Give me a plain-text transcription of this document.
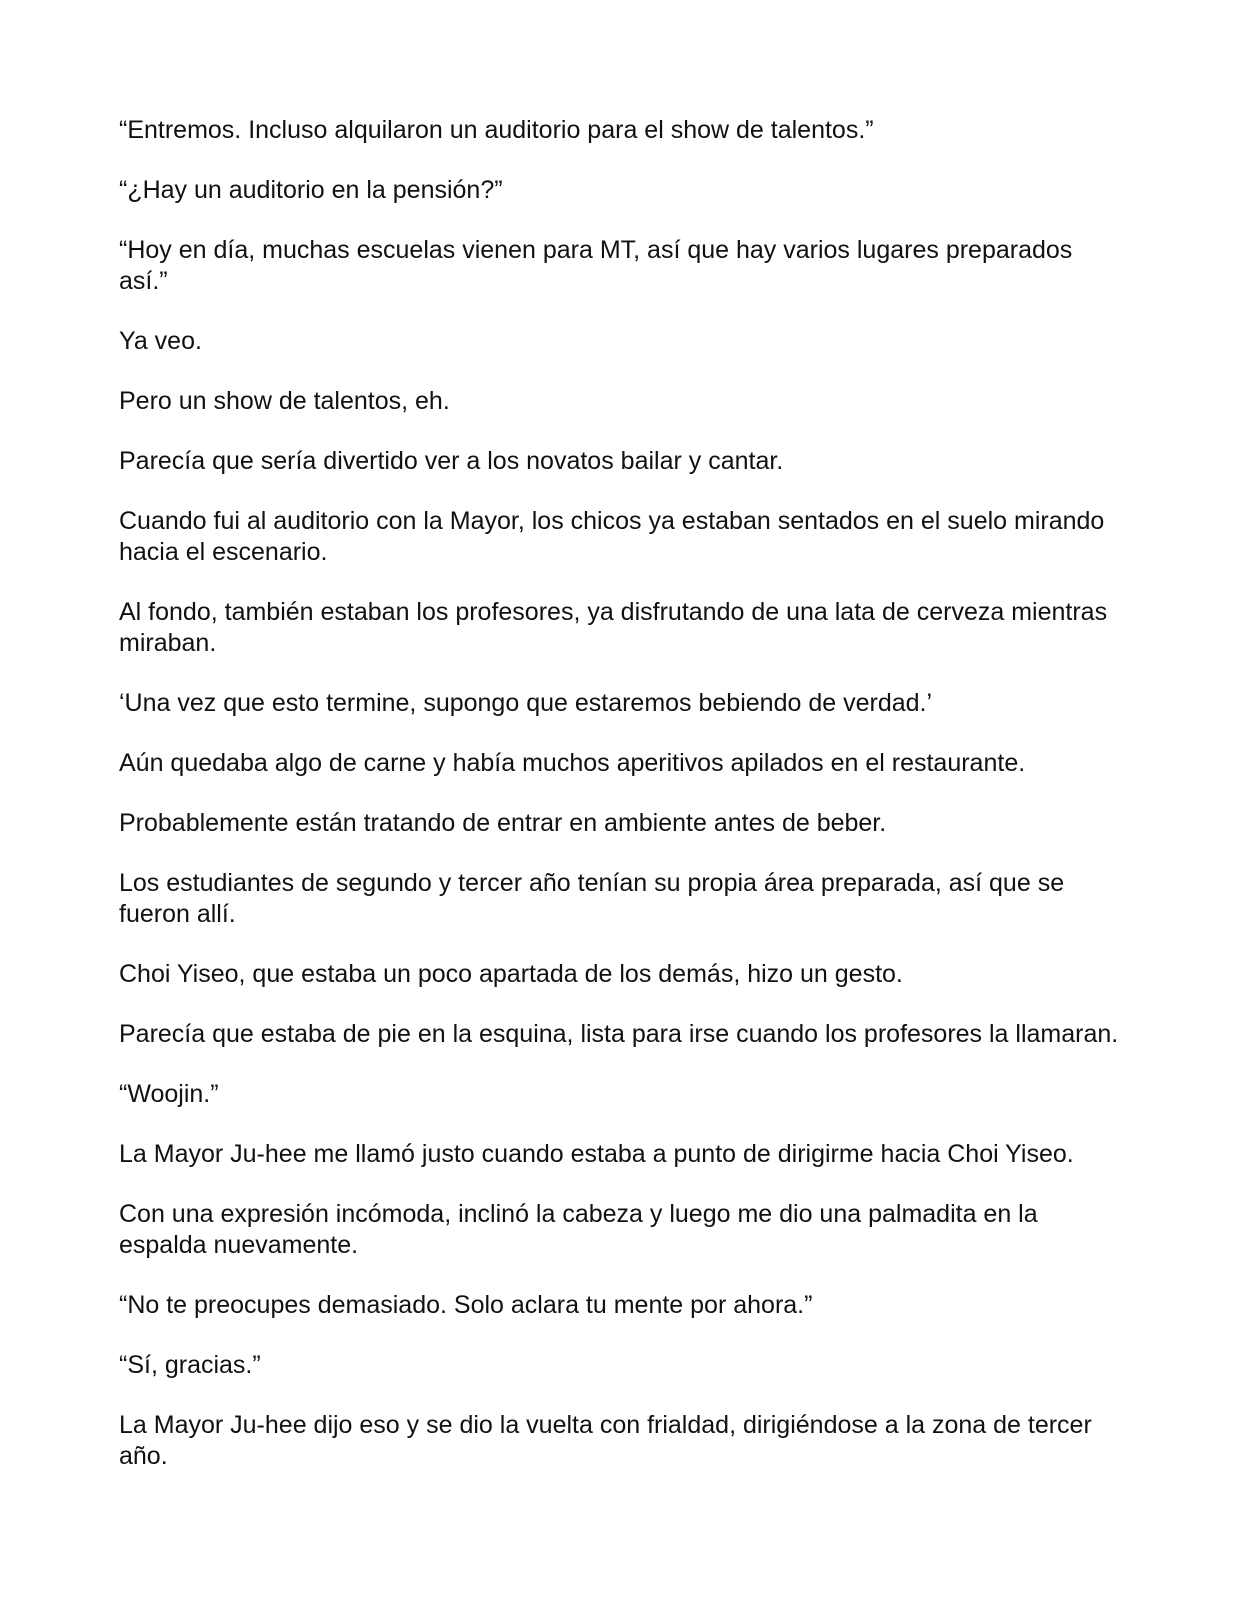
“Entremos. Incluso alquilaron un auditorio para el show de talentos.”

“¿Hay un auditorio en la pensión?”

“Hoy en día, muchas escuelas vienen para MT, así que hay varios lugares preparados así.”

Ya veo.

Pero un show de talentos, eh.

Parecía que sería divertido ver a los novatos bailar y cantar.

Cuando fui al auditorio con la Mayor, los chicos ya estaban sentados en el suelo mirando hacia el escenario.

Al fondo, también estaban los profesores, ya disfrutando de una lata de cerveza mientras miraban.

‘Una vez que esto termine, supongo que estaremos bebiendo de verdad.’

Aún quedaba algo de carne y había muchos aperitivos apilados en el restaurante.

Probablemente están tratando de entrar en ambiente antes de beber.

Los estudiantes de segundo y tercer año tenían su propia área preparada, así que se fueron allí.

Choi Yiseo, que estaba un poco apartada de los demás, hizo un gesto.

Parecía que estaba de pie en la esquina, lista para irse cuando los profesores la llamaran.

“Woojin.”

La Mayor Ju-hee me llamó justo cuando estaba a punto de dirigirme hacia Choi Yiseo.

Con una expresión incómoda, inclinó la cabeza y luego me dio una palmadita en la espalda nuevamente.

“No te preocupes demasiado. Solo aclara tu mente por ahora.”

“Sí, gracias.”

La Mayor Ju-hee dijo eso y se dio la vuelta con frialdad, dirigiéndose a la zona de tercer año.
